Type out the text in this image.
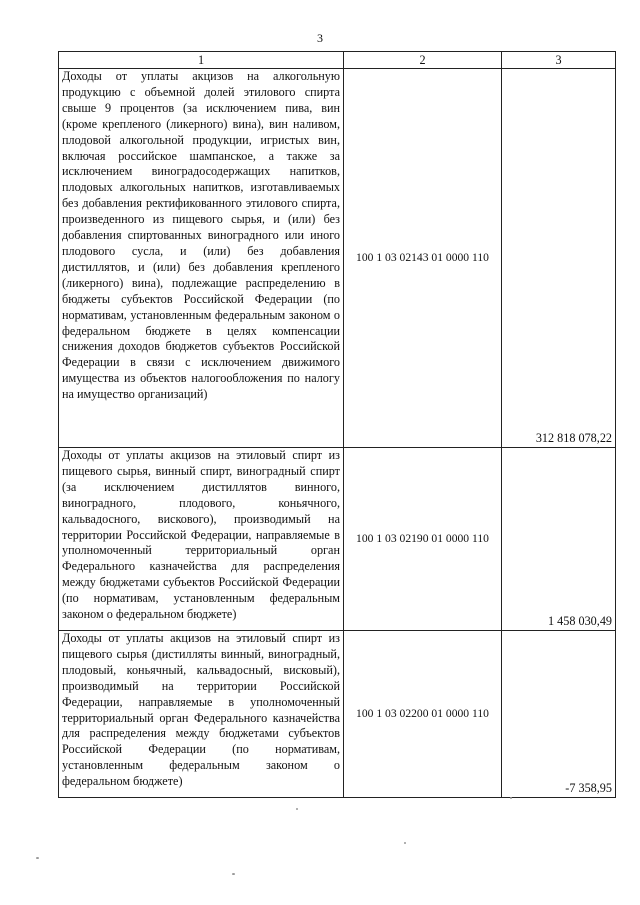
3
1	2	3
Доходы от уплаты акцизов на алкогольную продукцию с объемной долей этилового спирта свыше 9 процентов (за исключением пива, вин (кроме крепленого (ликерного) вина), вин наливом, плодовой алкогольной продукции, игристых вин, включая российское шампанское, а также за исключением виноградосодержащих напитков, плодовых алкогольных напитков, изготавливаемых без добавления ректификованного этилового спирта, произведенного из пищевого сырья, и (или) без добавления спиртованных виноградного или иного плодового сусла, и (или) без добавления дистиллятов, и (или) без добавления крепленого (ликерного) вина), подлежащие распределению в бюджеты субъектов Российской Федерации (по нормативам, установленным федеральным законом о федеральном бюджете в целях компенсации снижения доходов бюджетов субъектов Российской Федерации в связи с исключением движимого имущества из объектов налогообложения по налогу на имущество организаций)	100 1 03 02143 01 0000 110	312 818 078,22
Доходы от уплаты акцизов на этиловый спирт из пищевого сырья, винный спирт, виноградный спирт (за исключением дистиллятов винного, виноградного, плодового, коньячного, кальвадосного, вискового), производимый на территории Российской Федерации, направляемые в уполномоченный территориальный орган Федерального казначейства для распределения между бюджетами субъектов Российской Федерации (по нормативам, установленным федеральным законом о федеральном бюджете)	100 1 03 02190 01 0000 110	1 458 030,49
Доходы от уплаты акцизов на этиловый спирт из пищевого сырья (дистилляты винный, виноградный, плодовый, коньячный, кальвадосный, висковый), производимый на территории Российской Федерации, направляемые в уполномоченный территориальный орган Федерального казначейства для распределения между бюджетами субъектов Российской Федерации (по нормативам, установленным федеральным законом о федеральном бюджете)	100 1 03 02200 01 0000 110	-7 358,95
